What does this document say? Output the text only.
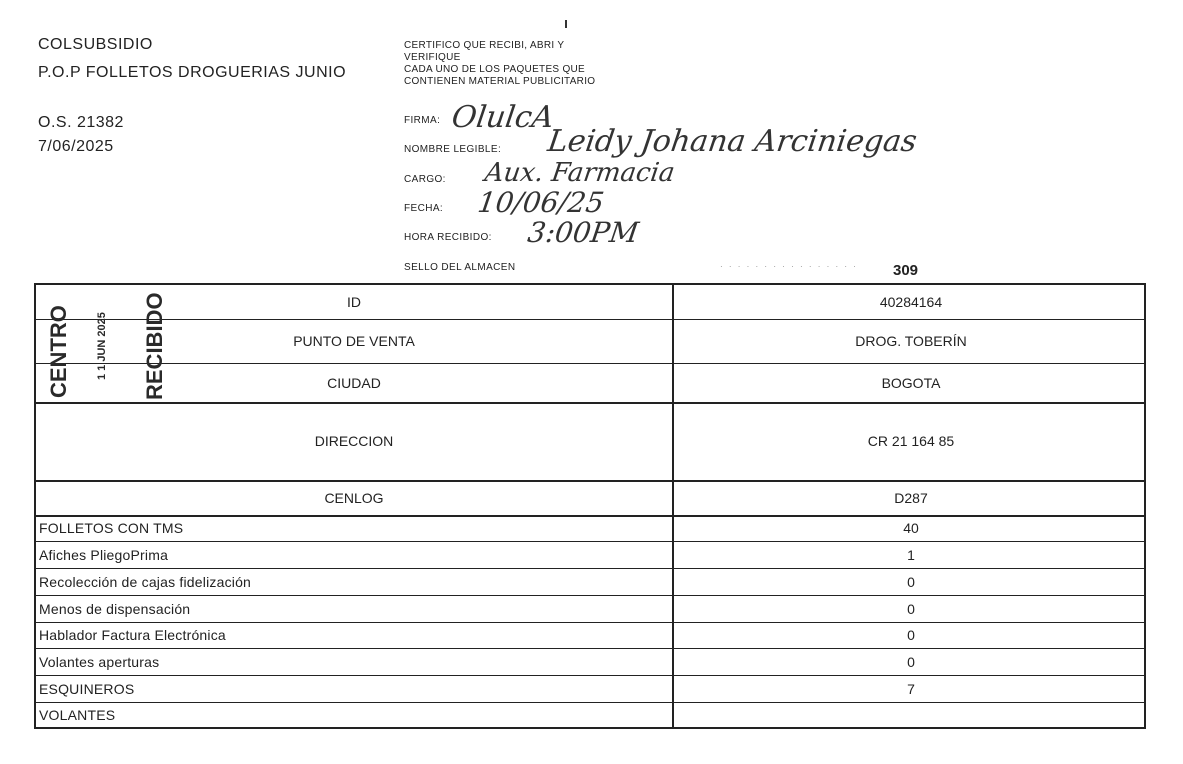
COLSUBSIDIO
P.O.P FOLLETOS DROGUERIAS JUNIO
O.S. 21382
7/06/2025
CERTIFICO QUE RECIBI, ABRI Y
VERIFIQUE
CADA UNO DE LOS PAQUETES QUE
CONTIENEN MATERIAL PUBLICITARIO
FIRMA: OlulcA
NOMBRE LEGIBLE: Leidy Johana Arciniegas
CARGO: Aux. Farmacia
FECHA: 10/06/25
HORA RECIBIDO: 3:00PM
SELLO DEL ALMACEN	· · · · · · · · · · · · · · · · 309
ID	40284164
PUNTO DE VENTA	DROG. TOBERÍN
CIUDAD	BOGOTA
DIRECCION	CR 21 164 85
CENLOG	D287
FOLLETOS CON TMS	40
Afiches PliegoPrima	1
Recolección de cajas fidelización	0
Menos de dispensación	0
Hablador Factura Electrónica	0
Volantes aperturas	0
ESQUINEROS	7
VOLANTES
CENTRO 1 1 JUN 2025 RECIBIDO
